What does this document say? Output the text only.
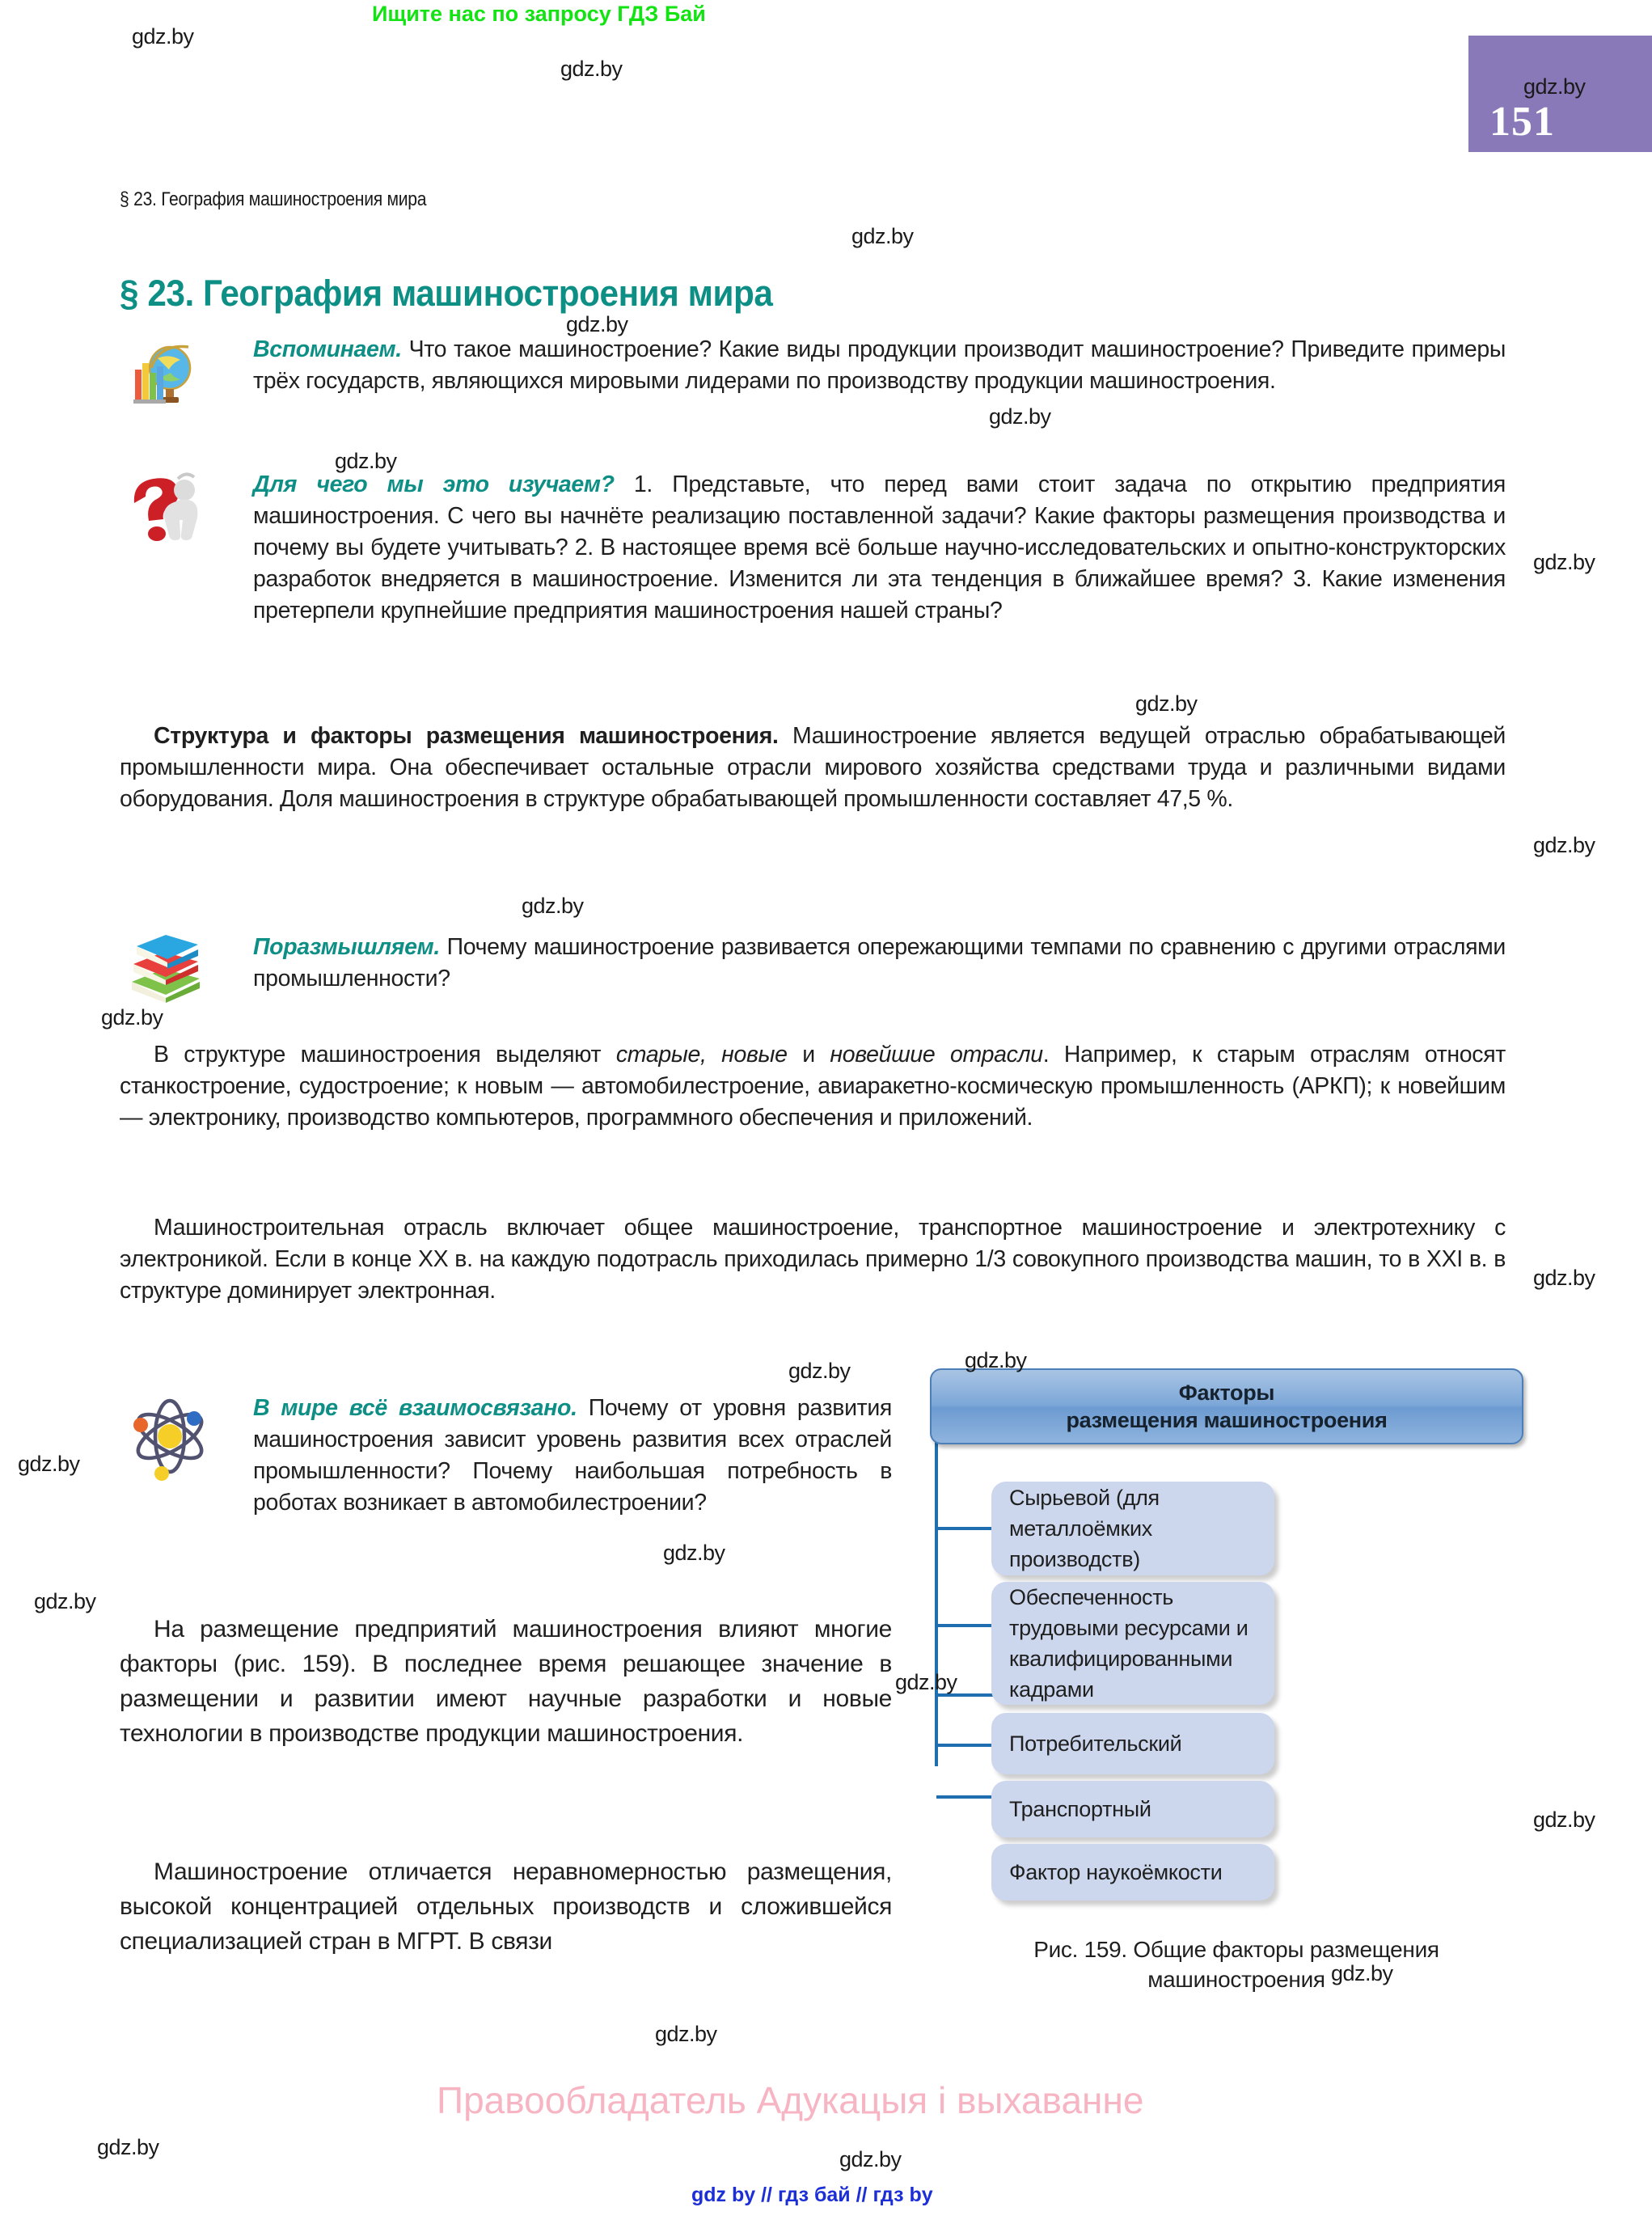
Ищите нас по запросу ГДЗ Бай
gdz.by
151
§ 23. География машиностроения мира
§ 23. География машиностроения мира
Вспоминаем. Что такое машиностроение? Какие виды продукции производит машиностроение? Приведите примеры трёх государств, являющихся мировыми лидерами по производству продукции машиностроения.
Для чего мы это изучаем? 1. Представьте, что перед вами стоит задача по открытию предприятия машиностроения. С чего вы начнёте реализацию поставленной задачи? Какие факторы размещения производства и почему вы будете учитывать? 2. В настоящее время всё больше научно-исследовательских и опытно-конструкторских разработок внедряется в машиностроение. Изменится ли эта тенденция в ближайшее время? 3. Какие изменения претерпели крупнейшие предприятия машиностроения нашей страны?
Структура и факторы размещения машиностроения. Машиностроение является ведущей отраслью обрабатывающей промышленности мира. Она обеспечивает остальные отрасли мирового хозяйства средствами труда и различными видами оборудования. Доля машиностроения в структуре обрабатывающей промышленности составляет 47,5 %.
Поразмышляем. Почему машиностроение развивается опережающими темпами по сравнению с другими отраслями промышленности?
В структуре машиностроения выделяют старые, новые и новейшие отрасли. Например, к старым отраслям относят станкостроение, судостроение; к новым — автомобилестроение, авиаракетно-космическую промышленность (АРКП); к новейшим — электронику, производство компьютеров, программного обеспечения и приложений.
Машиностроительная отрасль включает общее машиностроение, транспортное машиностроение и электротехнику с электроникой. Если в конце XX в. на каждую подотрасль приходилась примерно 1/3 совокупного производства машин, то в XXI в. в структуре доминирует электронная.
В мире всё взаимосвязано. Почему от уровня развития машиностроения зависит уровень развития всех отраслей промышленности? Почему наибольшая потребность в роботах возникает в автомобилестроении?
На размещение предприятий машиностроения влияют многие факторы (рис. 159). В последнее время решающее значение в размещении и развитии имеют научные разработки и новые технологии в производстве продукции машиностроения.
Машиностроение отличается неравномерностью размещения, высокой концентрацией отдельных производств и сложившейся специализацией стран в МГРТ. В связи
Факторы
размещения машиностроения
Сырьевой (для металлоёмких производств)
Обеспеченность трудовыми ресурсами и квалифицированными кадрами
Потребительский
Транспортный
Фактор наукоёмкости
Рис. 159. Общие факторы размещения
машиностроения
Правообладатель Адукацыя і выхаванне
gdz by // гдз бай // гдз by
gdz.by
gdz.by
gdz.by
gdz.by
gdz.by
gdz.by
gdz.by
gdz.by
gdz.by
gdz.by
gdz.by
gdz.by
gdz.by	gdz.by
gdz.by
gdz.by
gdz.by
gdz.by
gdz.by
gdz.by
gdz.by
gdz.by	gdz.by
